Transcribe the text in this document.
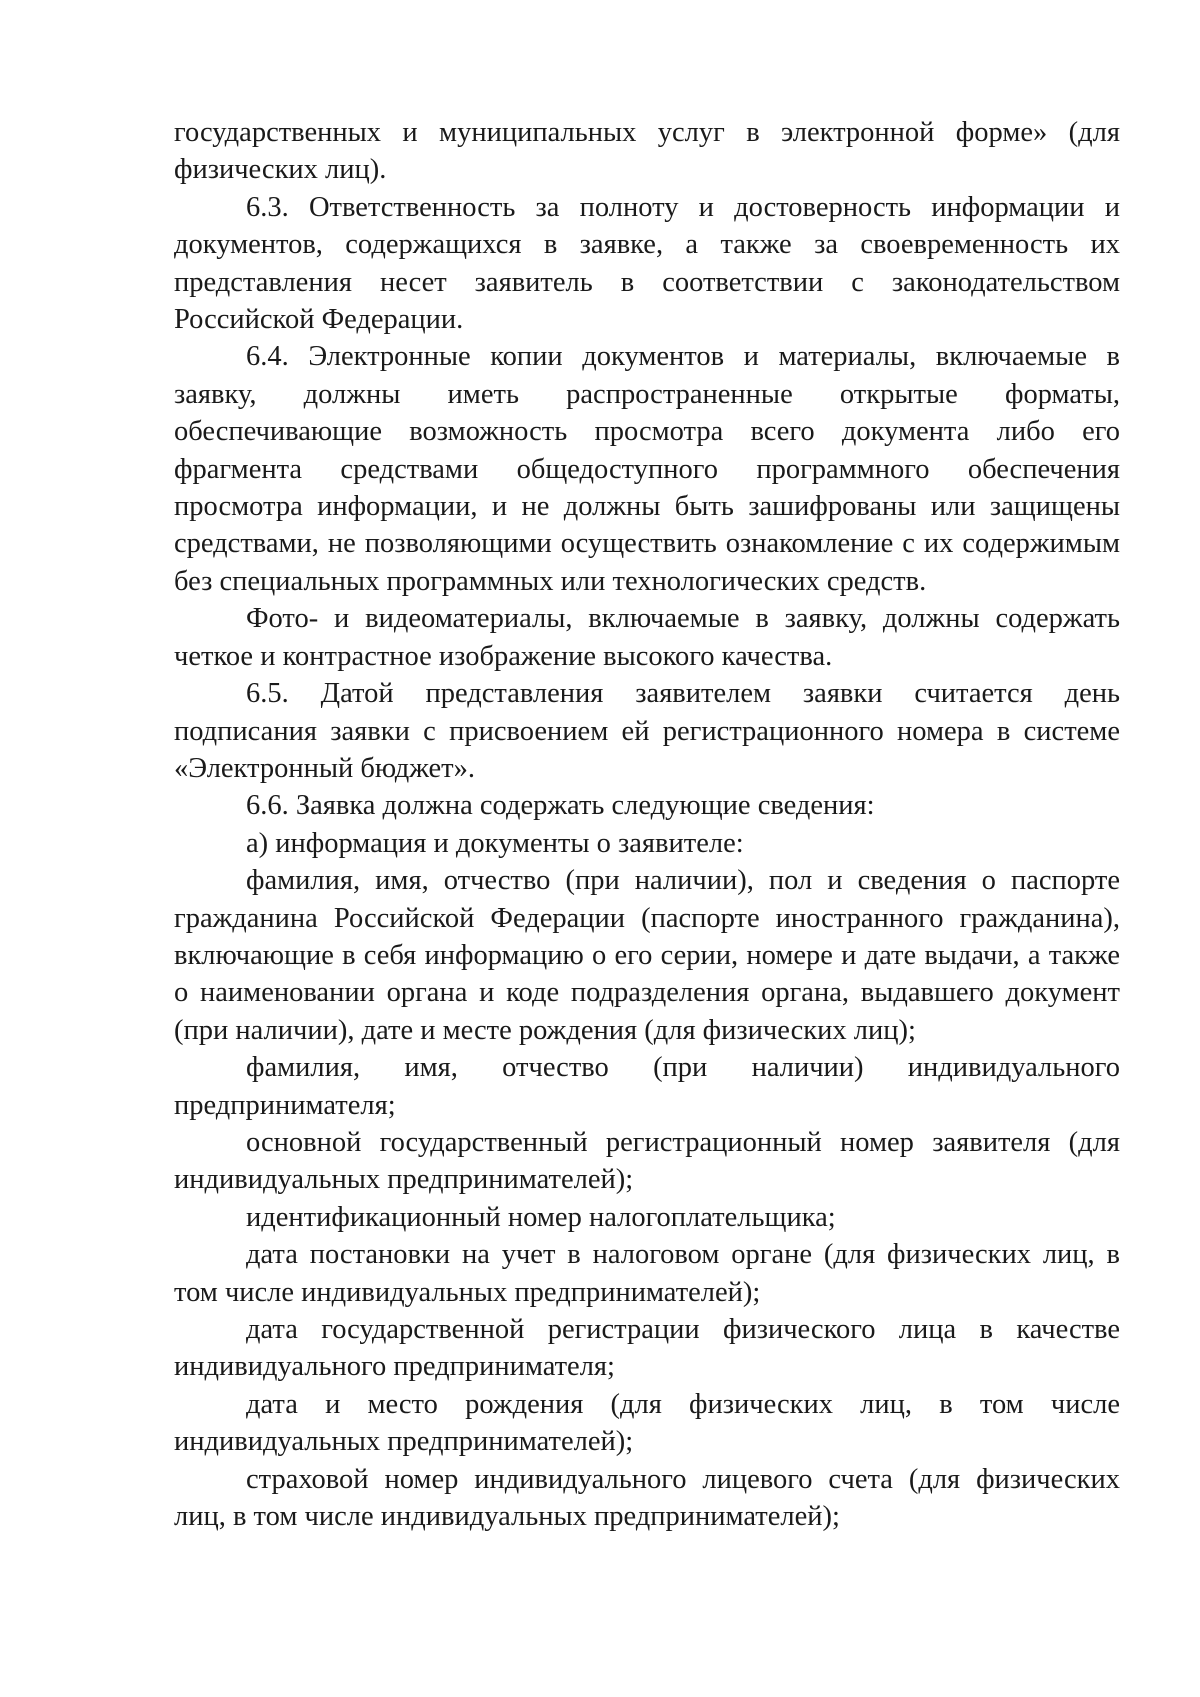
государственных и муниципальных услуг в электронной форме» (для физических лиц).

6.3. Ответственность за полноту и достоверность информации и документов, содержащихся в заявке, а также за своевременность их представления несет заявитель в соответствии с законодательством Российской Федерации.

6.4. Электронные копии документов и материалы, включаемые в заявку, должны иметь распространенные открытые форматы, обеспечивающие возможность просмотра всего документа либо его фрагмента средствами общедоступного программного обеспечения просмотра информации, и не должны быть зашифрованы или защищены средствами, не позволяющими осуществить ознакомление с их содержимым без специальных программных или технологических средств.

Фото- и видеоматериалы, включаемые в заявку, должны содержать четкое и контрастное изображение высокого качества.

6.5. Датой представления заявителем заявки считается день подписания заявки с присвоением ей регистрационного номера в системе «Электронный бюджет».

6.6. Заявка должна содержать следующие сведения:

а) информация и документы о заявителе:

фамилия, имя, отчество (при наличии), пол и сведения о паспорте гражданина Российской Федерации (паспорте иностранного гражданина), включающие в себя информацию о его серии, номере и дате выдачи, а также о наименовании органа и коде подразделения органа, выдавшего документ (при наличии), дате и месте рождения (для физических лиц);

фамилия, имя, отчество (при наличии) индивидуального предпринимателя;

основной государственный регистрационный номер заявителя (для индивидуальных предпринимателей);

идентификационный номер налогоплательщика;

дата постановки на учет в налоговом органе (для физических лиц, в том числе индивидуальных предпринимателей);

дата государственной регистрации физического лица в качестве индивидуального предпринимателя;

дата и место рождения (для физических лиц, в том числе индивидуальных предпринимателей);

страховой номер индивидуального лицевого счета (для физических лиц, в том числе индивидуальных предпринимателей);
